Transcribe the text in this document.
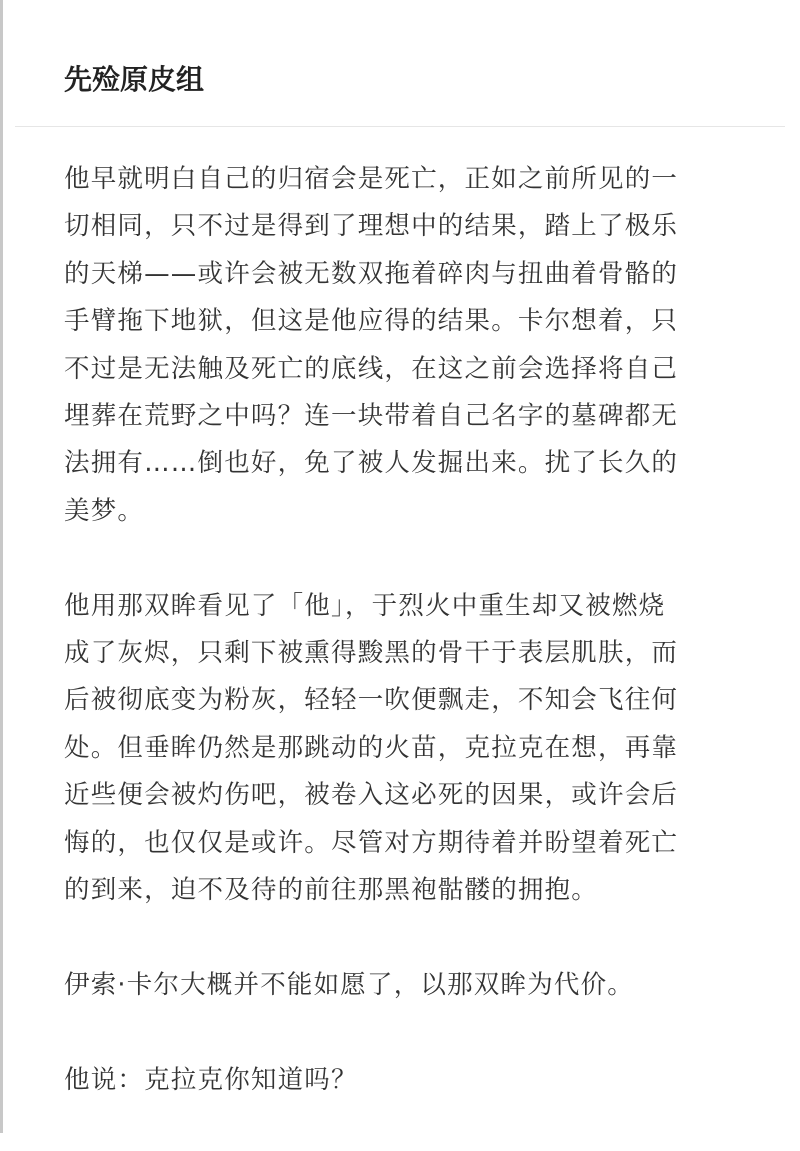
先殓原皮组

他早就明白自己的归宿会是死亡，正如之前所见的一
切相同，只不过是得到了理想中的结果，踏上了极乐
的天梯——或许会被无数双拖着碎肉与扭曲着骨骼的
手臂拖下地狱，但这是他应得的结果。卡尔想着，只
不过是无法触及死亡的底线，在这之前会选择将自己
埋葬在荒野之中吗？连一块带着自己名字的墓碑都无
法拥有……倒也好，免了被人发掘出来。扰了长久的
美梦。

他用那双眸看见了「他」，于烈火中重生却又被燃烧
成了灰烬，只剩下被熏得黢黑的骨干于表层肌肤，而
后被彻底变为粉灰，轻轻一吹便飘走，不知会飞往何
处。但垂眸仍然是那跳动的火苗，克拉克在想，再靠
近些便会被灼伤吧，被卷入这必死的因果，或许会后
悔的，也仅仅是或许。尽管对方期待着并盼望着死亡
的到来，迫不及待的前往那黑袍骷髅的拥抱。

伊索·卡尔大概并不能如愿了，以那双眸为代价。

他说：克拉克你知道吗？
